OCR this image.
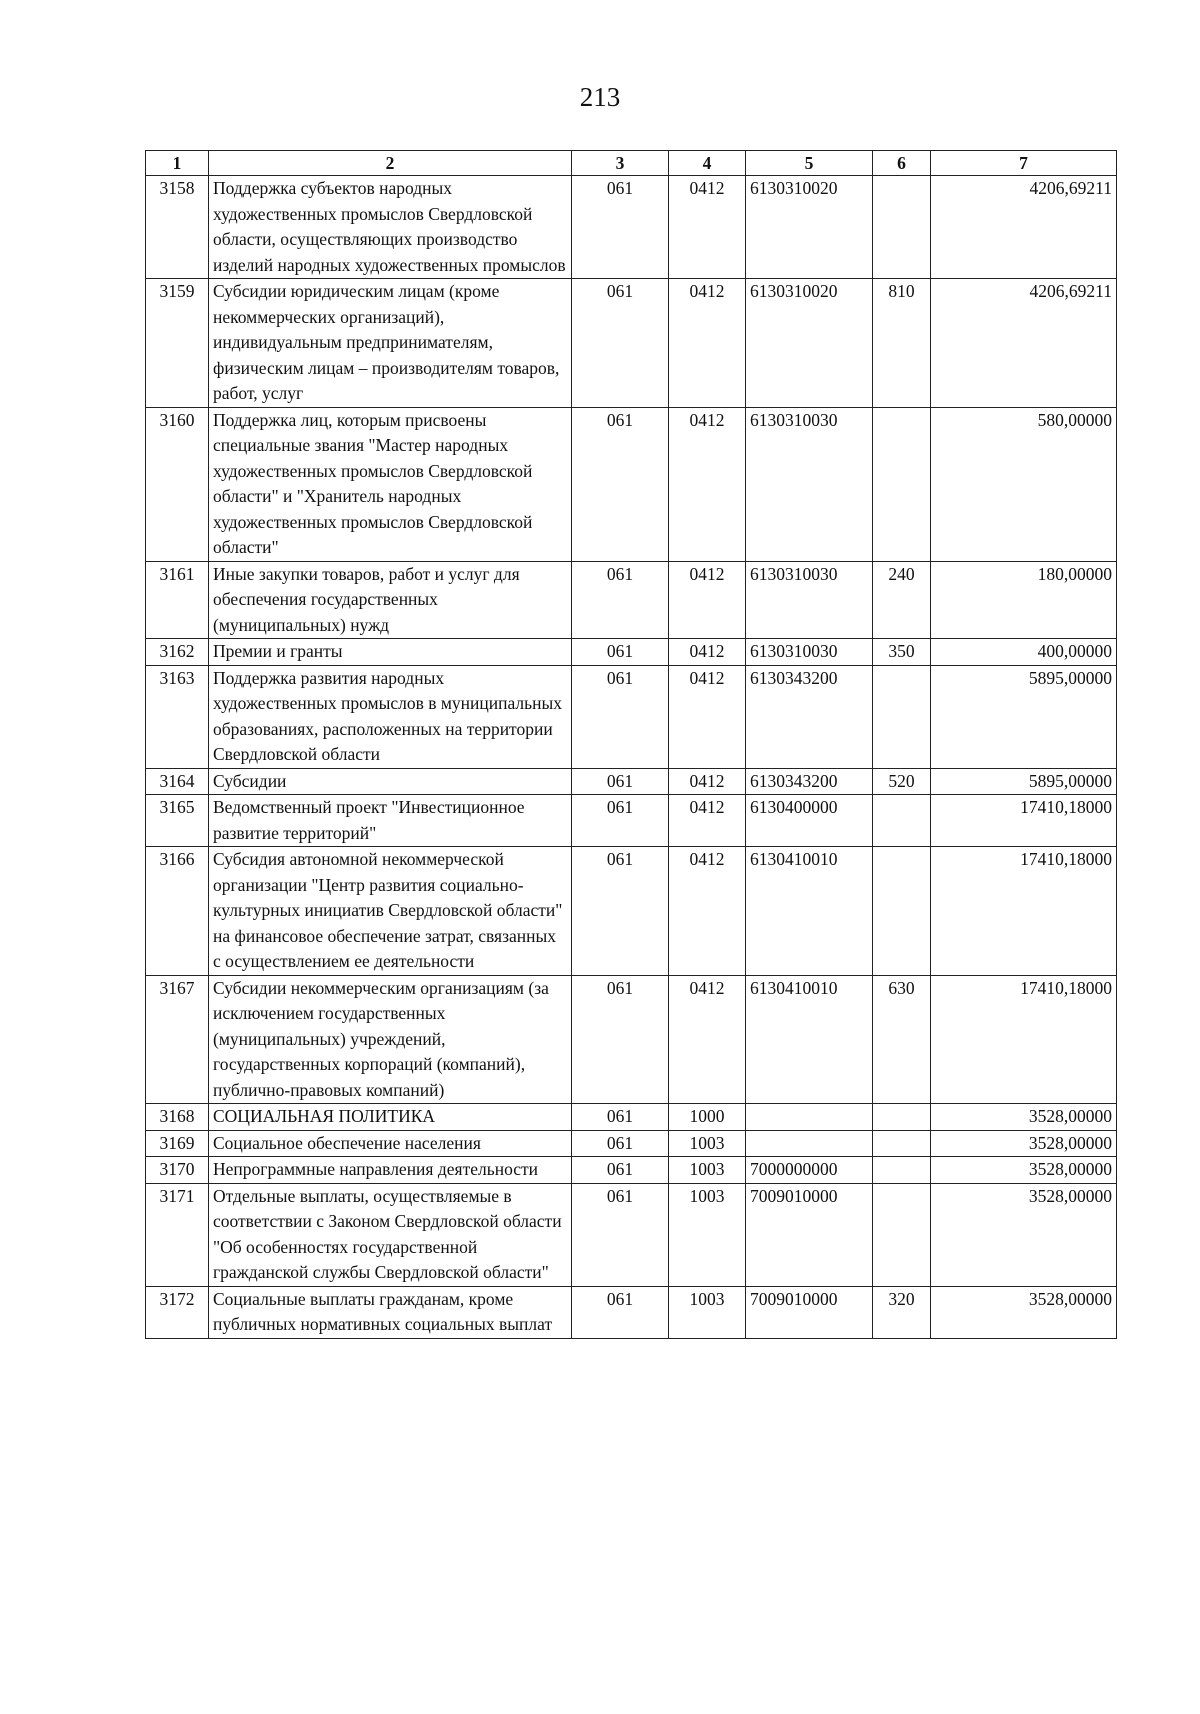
213
1	2	3	4	5	6	7
3158	Поддержка субъектов народных художественных промыслов Свердловской области, осуществляющих производство изделий народных художественных промыслов	061	0412	6130310020		4206,69211
3159	Субсидии юридическим лицам (кроме некоммерческих организаций), индивидуальным предпринимателям, физическим лицам – производителям товаров, работ, услуг	061	0412	6130310020	810	4206,69211
3160	Поддержка лиц, которым присвоены специальные звания "Мастер народных художественных промыслов Свердловской области" и "Хранитель народных художественных промыслов Свердловской области"	061	0412	6130310030		580,00000
3161	Иные закупки товаров, работ и услуг для обеспечения государственных (муниципальных) нужд	061	0412	6130310030	240	180,00000
3162	Премии и гранты	061	0412	6130310030	350	400,00000
3163	Поддержка развития народных художественных промыслов в муниципальных образованиях, расположенных на территории Свердловской области	061	0412	6130343200		5895,00000
3164	Субсидии	061	0412	6130343200	520	5895,00000
3165	Ведомственный проект "Инвестиционное развитие территорий"	061	0412	6130400000		17410,18000
3166	Субсидия автономной некоммерческой организации "Центр развития социально-культурных инициатив Свердловской области" на финансовое обеспечение затрат, связанных с осуществлением ее деятельности	061	0412	6130410010		17410,18000
3167	Субсидии некоммерческим организациям (за исключением государственных (муниципальных) учреждений, государственных корпораций (компаний), публично-правовых компаний)	061	0412	6130410010	630	17410,18000
3168	СОЦИАЛЬНАЯ ПОЛИТИКА	061	1000			3528,00000
3169	Социальное обеспечение населения	061	1003			3528,00000
3170	Непрограммные направления деятельности	061	1003	7000000000		3528,00000
3171	Отдельные выплаты, осуществляемые в соответствии с Законом Свердловской области "Об особенностях государственной гражданской службы Свердловской области"	061	1003	7009010000		3528,00000
3172	Социальные выплаты гражданам, кроме публичных нормативных социальных выплат	061	1003	7009010000	320	3528,00000
